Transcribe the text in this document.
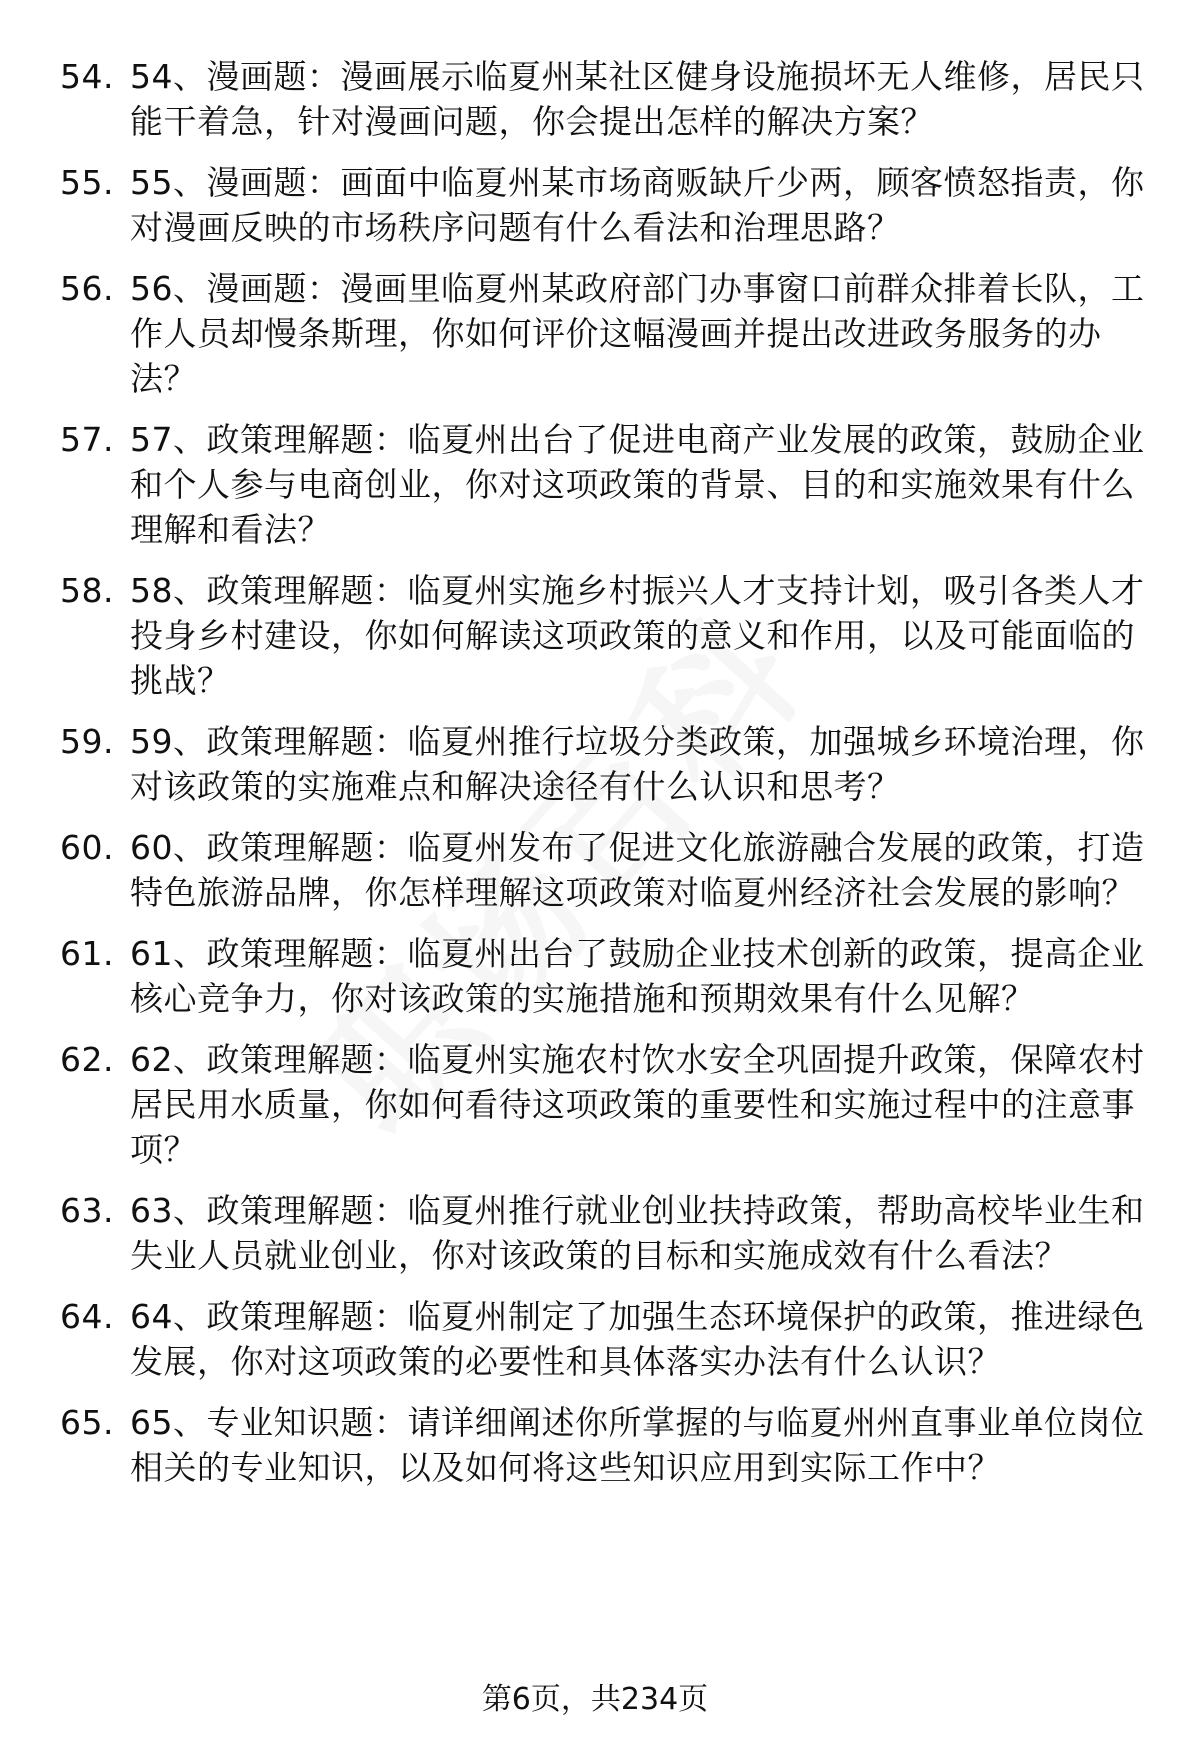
54. 54、漫画题：漫画展示临夏州某社区健身设施损坏无人维修，居民只能干着急，针对漫画问题，你会提出怎样的解决方案？
55. 55、漫画题：画面中临夏州某市场商贩缺斤少两，顾客愤怒指责，你对漫画反映的市场秩序问题有什么看法和治理思路？
56. 56、漫画题：漫画里临夏州某政府部门办事窗口前群众排着长队，工作人员却慢条斯理，你如何评价这幅漫画并提出改进政务服务的办法？
57. 57、政策理解题：临夏州出台了促进电商产业发展的政策，鼓励企业和个人参与电商创业，你对这项政策的背景、目的和实施效果有什么理解和看法？
58. 58、政策理解题：临夏州实施乡村振兴人才支持计划，吸引各类人才投身乡村建设，你如何解读这项政策的意义和作用，以及可能面临的挑战？
59. 59、政策理解题：临夏州推行垃圾分类政策，加强城乡环境治理，你对该政策的实施难点和解决途径有什么认识和思考？
60. 60、政策理解题：临夏州发布了促进文化旅游融合发展的政策，打造特色旅游品牌，你怎样理解这项政策对临夏州经济社会发展的影响？
61. 61、政策理解题：临夏州出台了鼓励企业技术创新的政策，提高企业核心竞争力，你对该政策的实施措施和预期效果有什么见解？
62. 62、政策理解题：临夏州实施农村饮水安全巩固提升政策，保障农村居民用水质量，你如何看待这项政策的重要性和实施过程中的注意事项？
63. 63、政策理解题：临夏州推行就业创业扶持政策，帮助高校毕业生和失业人员就业创业，你对该政策的目标和实施成效有什么看法？
64. 64、政策理解题：临夏州制定了加强生态环境保护的政策，推进绿色发展，你对这项政策的必要性和具体落实办法有什么认识？
65. 65、专业知识题：请详细阐述你所掌握的与临夏州州直事业单位岗位相关的专业知识，以及如何将这些知识应用到实际工作中？
第6页，共234页
